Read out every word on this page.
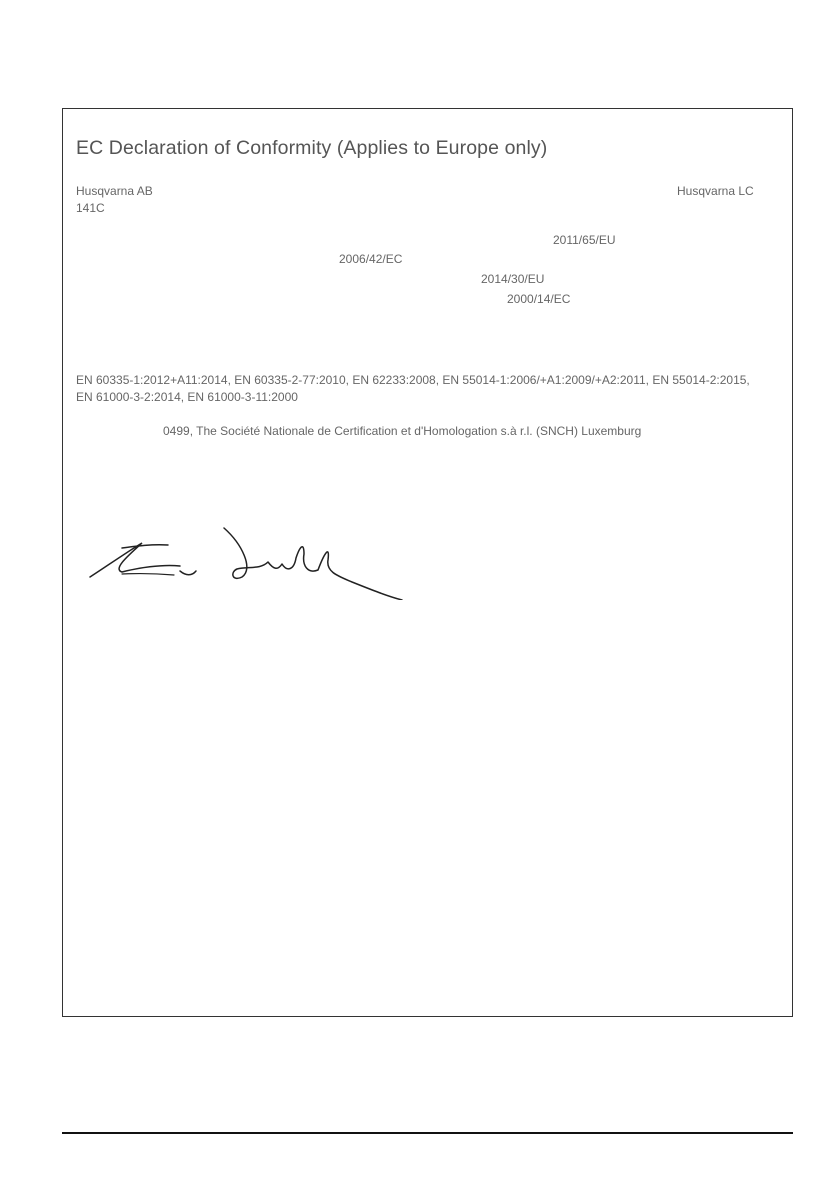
EC Declaration of Conformity (Applies to Europe only)
Husqvarna AB	Husqvarna LC
141C
2011/65/EU
2006/42/EC
2014/30/EU
2000/14/EC
EN 60335-1:2012+A11:2014, EN 60335-2-77:2010, EN 62233:2008, EN 55014-1:2006/+A1:2009/+A2:2011, EN 55014-2:2015, EN 61000-3-2:2014, EN 61000-3-11:2000
0499, The Société Nationale de Certification et d'Homologation s.à r.l. (SNCH) Luxemburg
